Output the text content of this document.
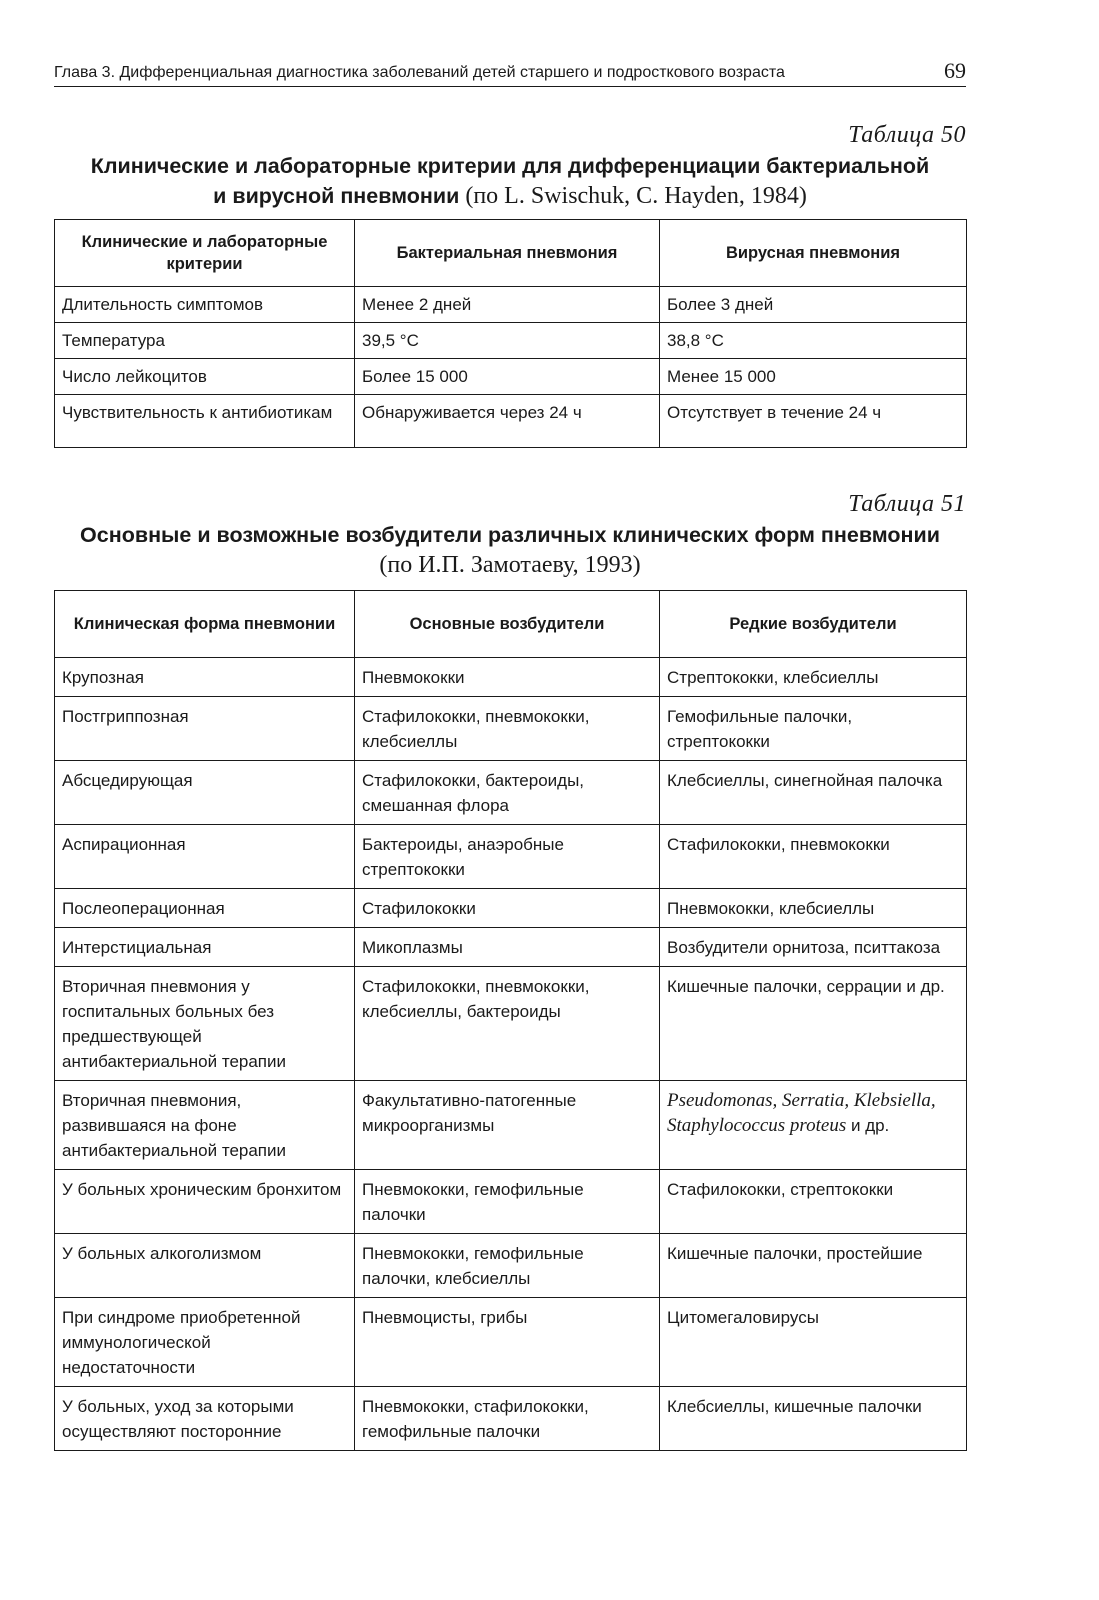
Глава 3. Дифференциальная диагностика заболеваний детей старшего и подросткового возраста	69
Таблица 50
Клинические и лабораторные критерии для дифференциации бактериальной
и вирусной пневмонии (по L. Swischuk, C. Hayden, 1984)
Клинические и лабораторные критерии	Бактериальная пневмония	Вирусная пневмония
Длительность симптомов	Менее 2 дней	Более 3 дней
Температура	39,5 °С	38,8 °С
Число лейкоцитов	Более 15 000	Менее 15 000
Чувствительность к антибиотикам	Обнаруживается через 24 ч	Отсутствует в течение 24 ч
Таблица 51
Основные и возможные возбудители различных клинических форм пневмонии
(по И.П. Замотаеву, 1993)
Клиническая форма пневмонии	Основные возбудители	Редкие возбудители
Крупозная	Пневмококки	Стрептококки, клебсиеллы
Постгриппозная	Стафилококки, пневмококки, клебсиеллы	Гемофильные палочки, стрептококки
Абсцедирующая	Стафилококки, бактероиды, смешанная флора	Клебсиеллы, синегнойная палочка
Аспирационная	Бактероиды, анаэробные стрептококки	Стафилококки, пневмококки
Послеоперационная	Стафилококки	Пневмококки, клебсиеллы
Интерстициальная	Микоплазмы	Возбудители орнитоза, пситтакоза
Вторичная пневмония у госпитальных больных без предшествующей антибактериальной терапии	Стафилококки, пневмококки, клебсиеллы, бактероиды	Кишечные палочки, серрации и др.
Вторичная пневмония, развившаяся на фоне антибактериальной терапии	Факультативно-патогенные микроорганизмы	Pseudomonas, Serratia, Klebsiella, Staphylococcus proteus и др.
У больных хроническим бронхитом	Пневмококки, гемофильные палочки	Стафилококки, стрептококки
У больных алкоголизмом	Пневмококки, гемофильные палочки, клебсиеллы	Кишечные палочки, простейшие
При синдроме приобретенной иммунологической недостаточности	Пневмоцисты, грибы	Цитомегаловирусы
У больных, уход за которыми осуществляют посторонние	Пневмококки, стафилококки, гемофильные палочки	Клебсиеллы, кишечные палочки
